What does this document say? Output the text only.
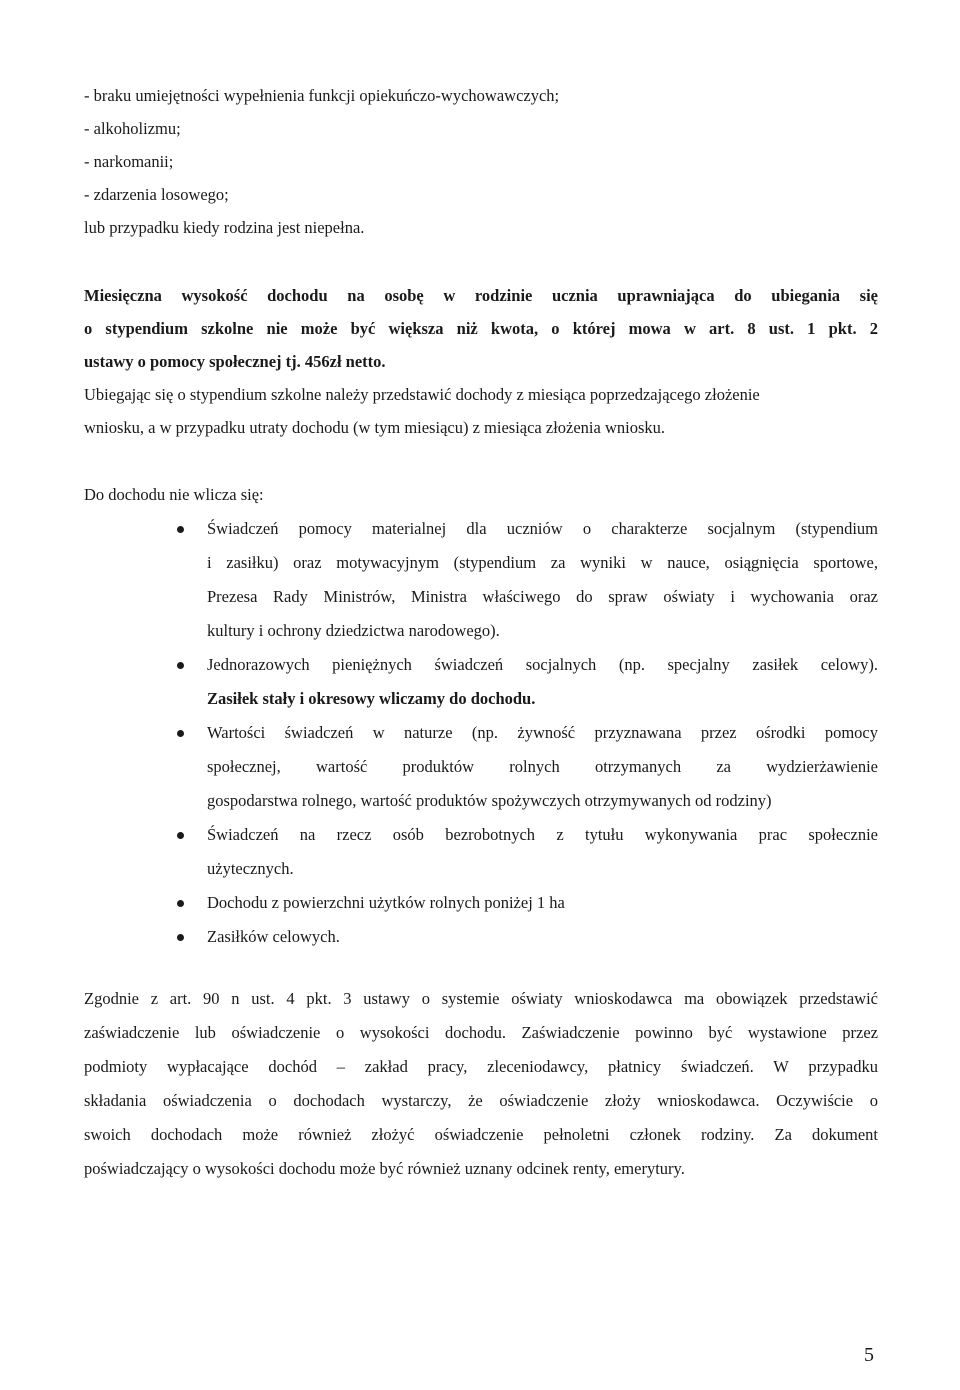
- braku umiejętności wypełnienia funkcji opiekuńczo-wychowawczych;
- alkoholizmu;
- narkomanii;
- zdarzenia losowego;
lub przypadku kiedy rodzina jest niepełna.
Miesięczna wysokość dochodu na osobę w rodzinie ucznia uprawniająca do ubiegania się
o stypendium szkolne nie może być większa niż kwota, o której mowa w art. 8 ust. 1 pkt. 2
ustawy o pomocy społecznej tj. 456zł netto.
Ubiegając się o stypendium szkolne należy przedstawić dochody z miesiąca poprzedzającego złożenie
wniosku, a w przypadku utraty dochodu (w tym miesiącu) z miesiąca złożenia wniosku.
Do dochodu nie wlicza się:
Świadczeń pomocy materialnej dla uczniów o charakterze socjalnym (stypendium
i zasiłku) oraz motywacyjnym (stypendium za wyniki w nauce, osiągnięcia sportowe,
Prezesa Rady Ministrów, Ministra właściwego do spraw oświaty i wychowania oraz
kultury i ochrony dziedzictwa narodowego).
Jednorazowych pieniężnych świadczeń socjalnych (np. specjalny zasiłek celowy).
Zasiłek stały i okresowy wliczamy do dochodu.
Wartości świadczeń w naturze (np. żywność przyznawana przez ośrodki pomocy
społecznej, wartość produktów rolnych otrzymanych za wydzierżawienie
gospodarstwa rolnego, wartość produktów spożywczych otrzymywanych od rodziny)
Świadczeń na rzecz osób bezrobotnych z tytułu wykonywania prac społecznie
użytecznych.
Dochodu z powierzchni użytków rolnych poniżej 1 ha
Zasiłków celowych.
Zgodnie z art. 90 n ust. 4 pkt. 3 ustawy o systemie oświaty wnioskodawca ma obowiązek przedstawić
zaświadczenie lub oświadczenie o wysokości dochodu. Zaświadczenie powinno być wystawione przez
podmioty wypłacające dochód – zakład pracy, zleceniodawcy, płatnicy świadczeń. W przypadku
składania oświadczenia o dochodach wystarczy, że oświadczenie złoży wnioskodawca. Oczywiście o
swoich dochodach może również złożyć oświadczenie pełnoletni członek rodziny. Za dokument
poświadczający o wysokości dochodu może być również uznany odcinek renty, emerytury.
5
